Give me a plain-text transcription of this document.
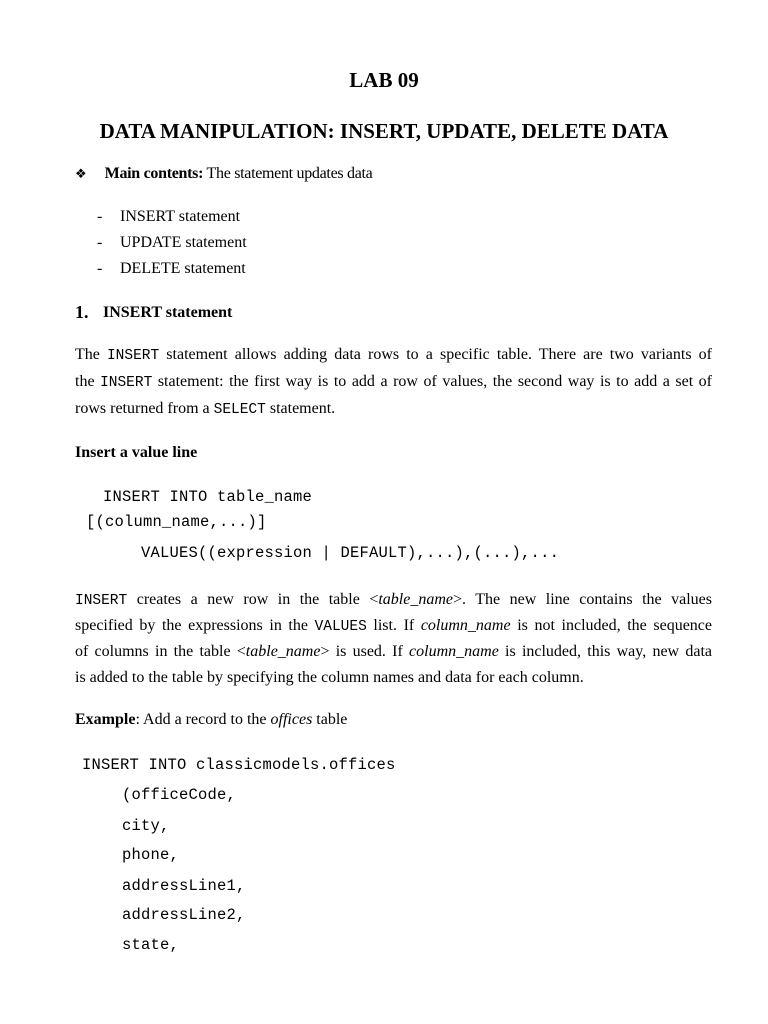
LAB 09
DATA MANIPULATION: INSERT, UPDATE, DELETE DATA
❖ Main contents: The statement updates data
- INSERT statement
- UPDATE statement
- DELETE statement
1. INSERT statement
The INSERT statement allows adding data rows to a specific table. There are two variants of
the INSERT statement: the first way is to add a row of values, the second way is to add a set of
rows returned from a SELECT statement.
Insert a value line
INSERT INTO table_name
[(column_name,...)]
VALUES((expression | DEFAULT),...),(...),...
INSERT creates a new row in the table <table_name>. The new line contains the values
specified by the expressions in the VALUES list. If column_name is not included, the sequence
of columns in the table <table_name> is used. If column_name is included, this way, new data
is added to the table by specifying the column names and data for each column.
Example: Add a record to the offices table
INSERT INTO classicmodels.offices
(officeCode,
city,
phone,
addressLine1,
addressLine2,
state,
